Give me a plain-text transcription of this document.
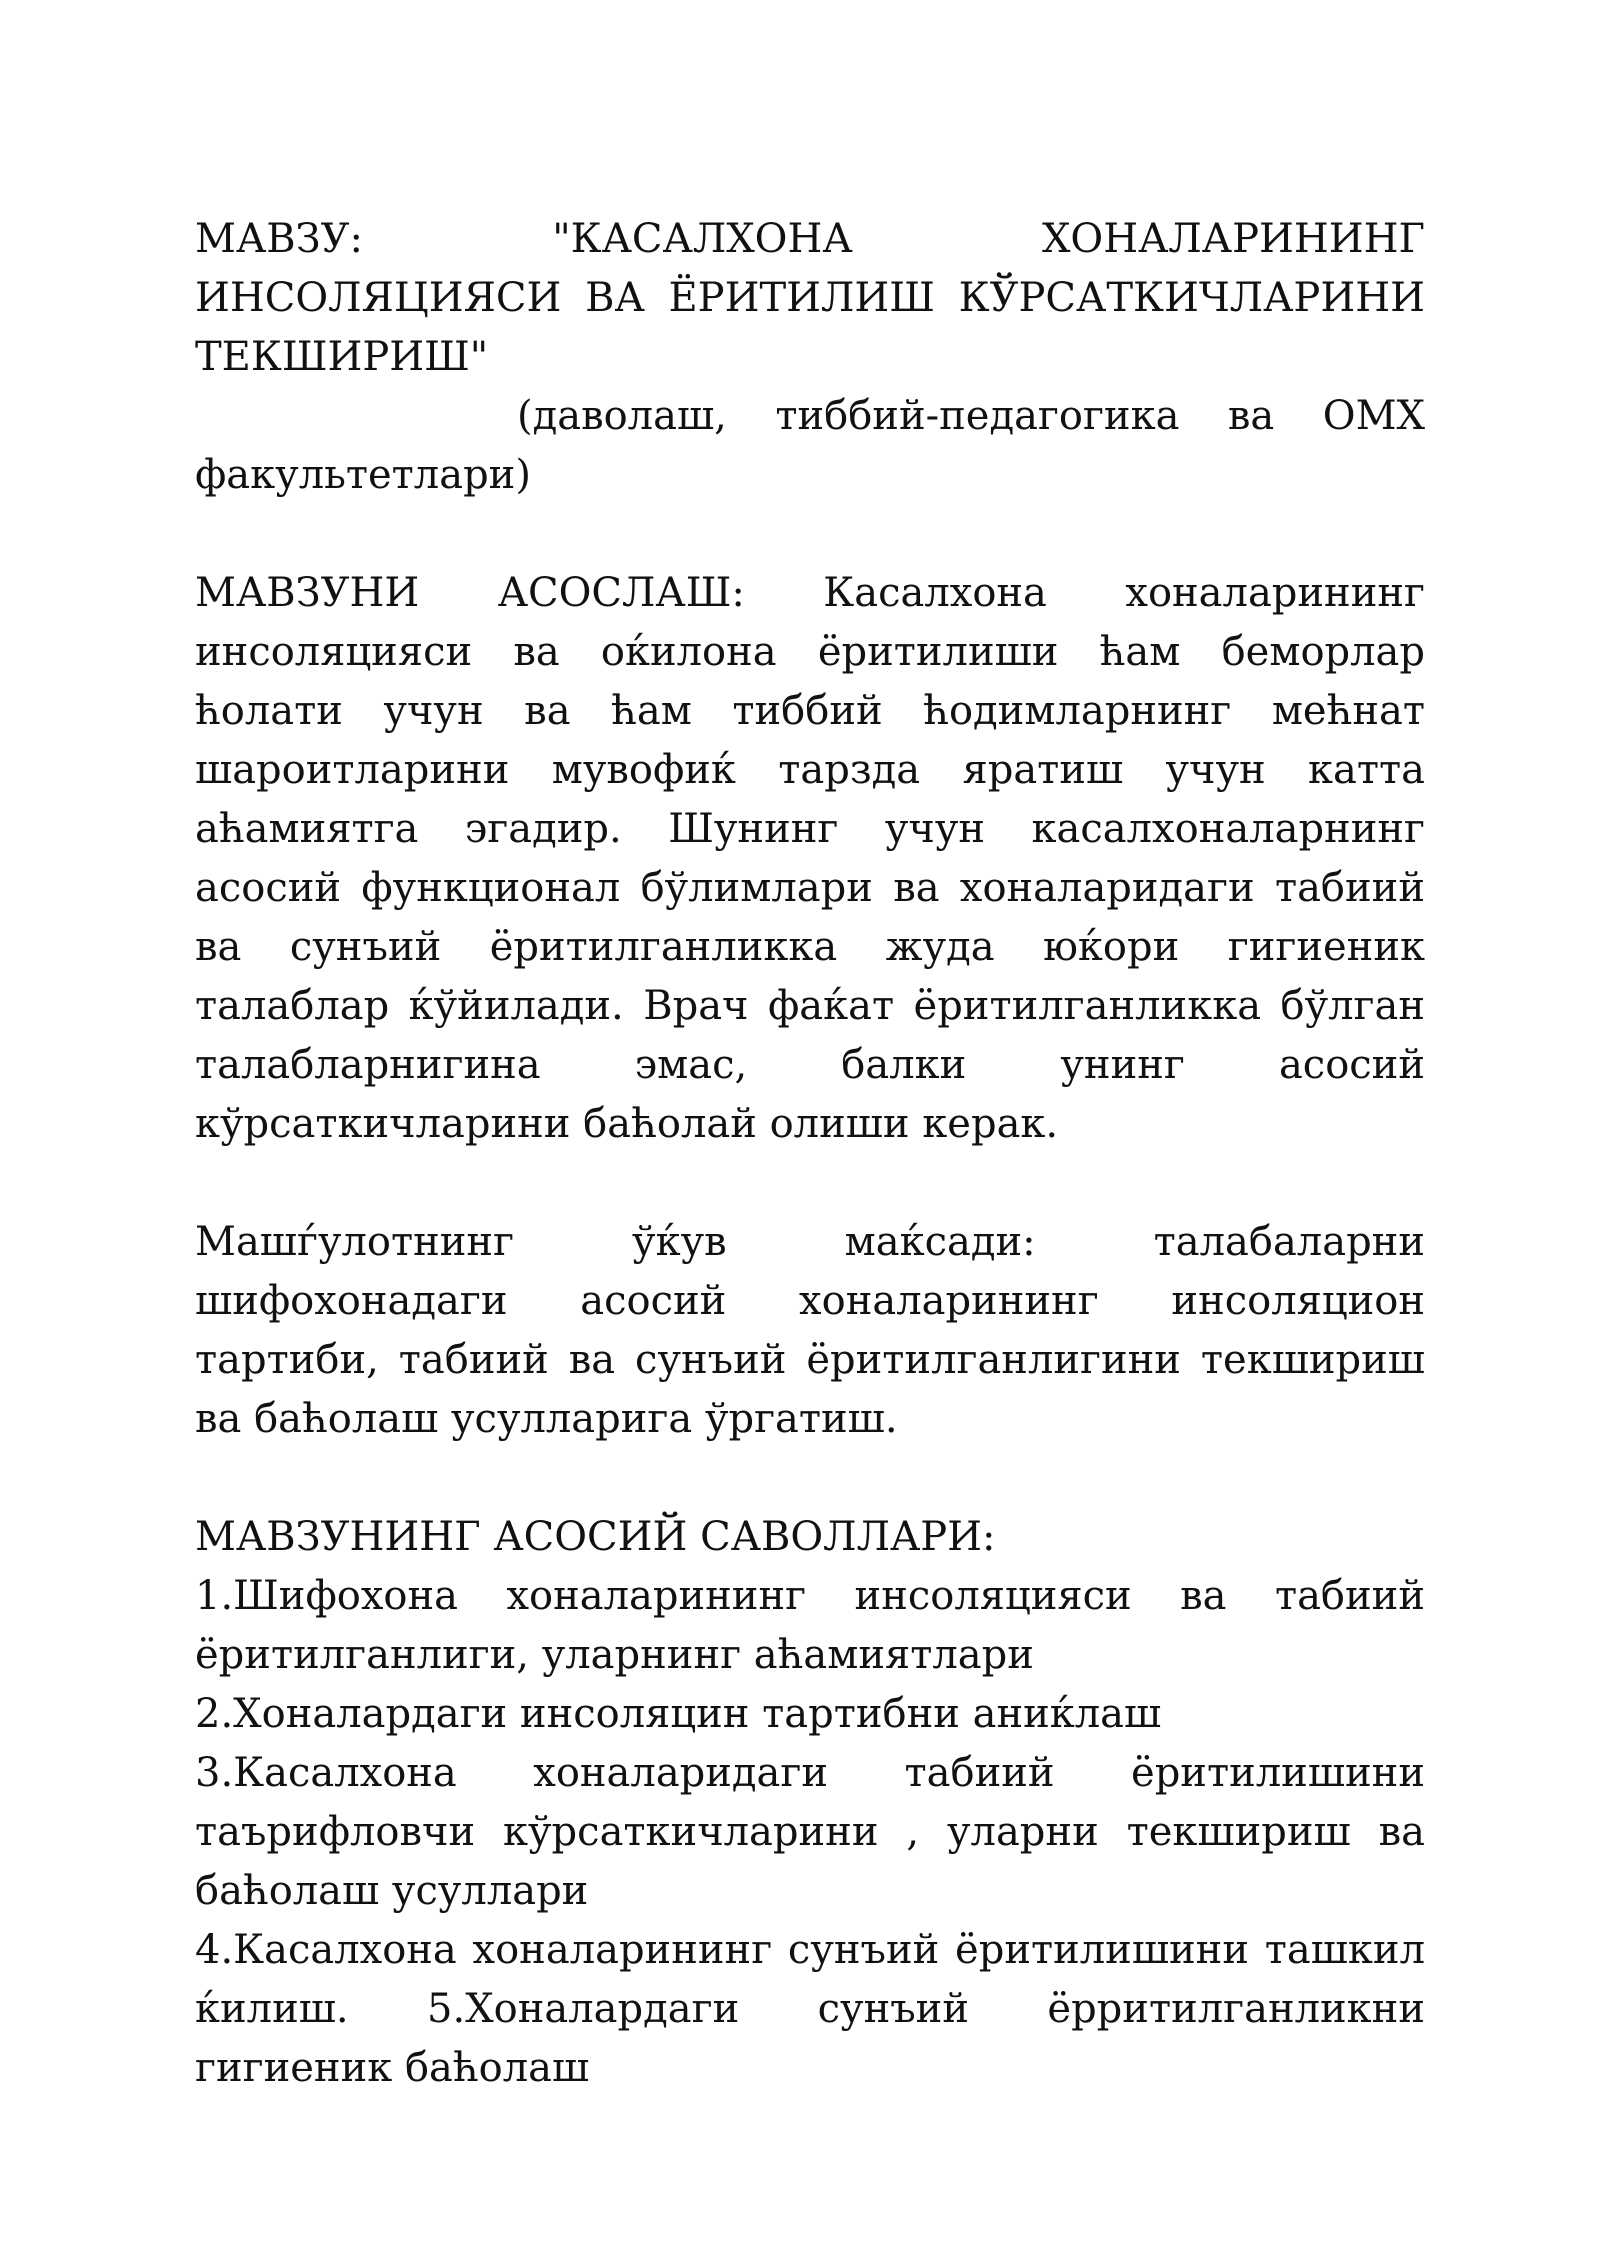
МАВЗУ: "КАСАЛХОНА ХОНАЛАРИНИНГ
ИНСОЛЯЦИЯСИ ВА ЁРИТИЛИШ КЎРСАТКИЧЛАРИНИ
ТЕКШИРИШ"
(даволаш, тиббий-педагогика ва ОМХ
факультетлари)

МАВЗУНИ АСОСЛАШ: Касалхона хоналарининг инсоляцияси ва оќилона ёритилиши ћам беморлар ћолати учун ва ћам тиббий ћодимларнинг мећнат шароитларини мувофиќ тарзда яратиш учун катта аћамиятга эгадир. Шунинг учун касалхоналарнинг асосий функционал бўлимлари ва хоналаридаги табиий ва сунъий ёритилганликка жуда юќори гигиеник талаблар ќўйилади. Врач фаќат ёритилганликка бўлган талабларнигина эмас, балки унинг асосий кўрсаткичларини баћолай олиши керак.

Машѓулотнинг ўќув маќсади: талабаларни шифохонадаги асосий хоналарининг инсоляцион тартиби, табиий ва сунъий ёритилганлигини текшириш ва баћолаш усулларига ўргатиш.

МАВЗУНИНГ АСОСИЙ САВОЛЛАРИ:

1.Шифохона хоналарининг инсоляцияси ва табиий ёритилганлиги, уларнинг аћамиятлари

2.Хоналардаги инсоляцин тартибни аниќлаш

3.Касалхона хоналаридаги табиий ёритилишини таърифловчи кўрсаткичларини , уларни текшириш ва баћолаш усуллари

4.Касалхона хоналарининг сунъий ёритилишини ташкил ќилиш. 5.Хоналардаги сунъий ёрритилганликни гигиеник баћолаш
